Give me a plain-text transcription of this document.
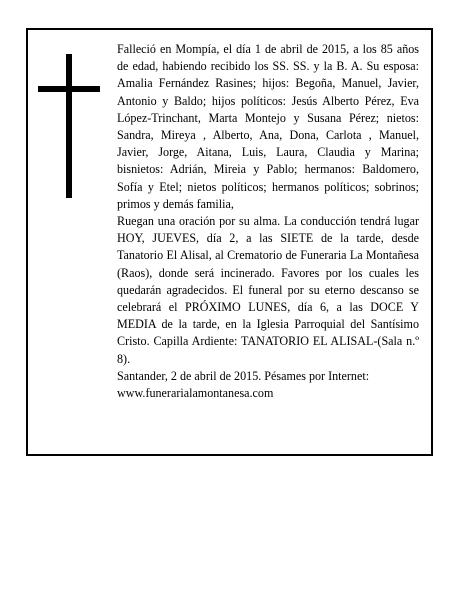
Falleció en Mompía, el día 1 de abril de 2015, a los 85 años de edad, habiendo recibido los SS. SS. y la B. A. Su esposa: Amalia Fernández Rasines; hijos: Begoña, Manuel, Javier, Antonio y Baldo; hijos políticos: Jesús Alberto Pérez, Eva López-Trinchant, Marta Montejo y Susana Pérez; nietos: Sandra, Mireya , Alberto, Ana, Dona, Carlota , Manuel, Javier, Jorge, Aitana, Luis, Laura, Claudia y Marina; bisnietos: Adrián, Mireia y Pablo; hermanos: Baldomero, Sofía y Etel; nietos políticos; hermanos políticos; sobrinos; primos y demás familia,

Ruegan una oración por su alma. La conducción tendrá lugar HOY, JUEVES, día 2, a las SIETE de la tarde, desde Tanatorio El Alisal, al Crematorio de Funeraria La Montañesa (Raos), donde será incinerado. Favores por los cuales les quedarán agradecidos. El funeral por su eterno descanso se celebrará el PRÓXIMO LUNES, día 6, a las DOCE Y MEDIA de la tarde, en la Iglesia Parroquial del Santísimo Cristo. Capilla Ardiente: TANATORIO EL ALISAL-(Sala n.º 8).

Santander, 2 de abril de 2015. Pésames por Internet:

www.funerarialamontanesa.com
